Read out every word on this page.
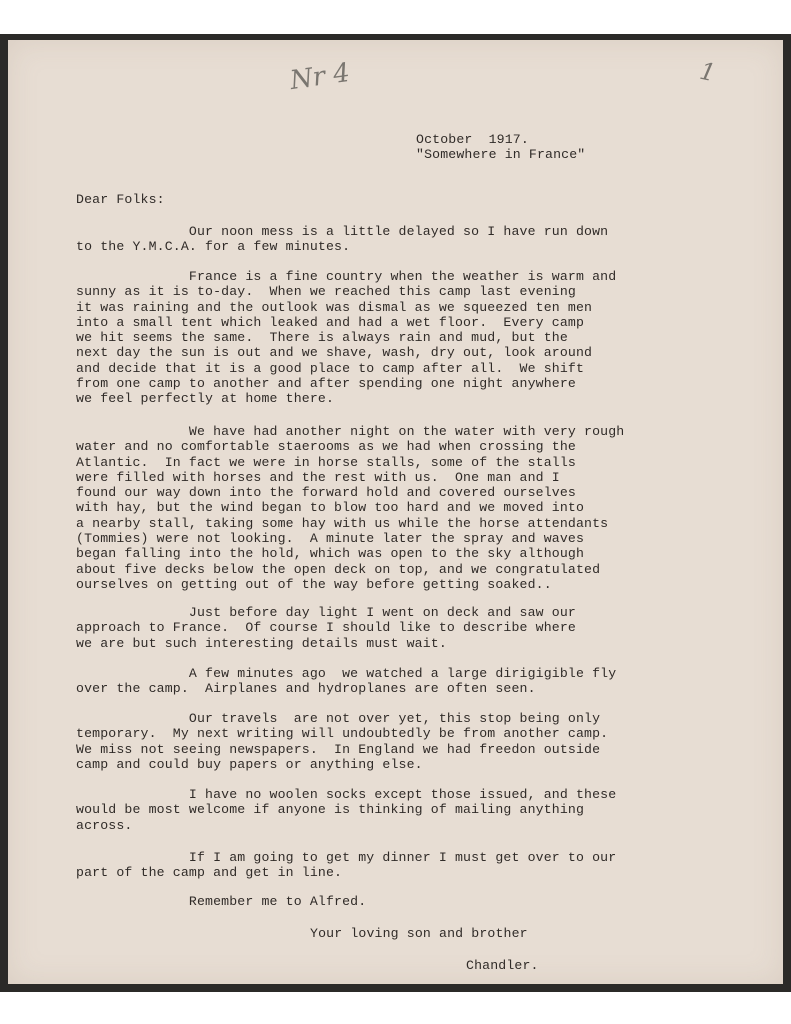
Nr 4	1
October  1917.
"Somewhere in France"
Dear Folks:
Our noon mess is a little delayed so I have run down
to the Y.M.C.A. for a few minutes.
France is a fine country when the weather is warm and
sunny as it is to-day.  When we reached this camp last evening
it was raining and the outlook was dismal as we squeezed ten men
into a small tent which leaked and had a wet floor.  Every camp
we hit seems the same.  There is always rain and mud, but the
next day the sun is out and we shave, wash, dry out, look around
and decide that it is a good place to camp after all.  We shift
from one camp to another and after spending one night anywhere
we feel perfectly at home there.
We have had another night on the water with very rough
water and no comfortable staerooms as we had when crossing the
Atlantic.  In fact we were in horse stalls, some of the stalls
were filled with horses and the rest with us.  One man and I
found our way down into the forward hold and covered ourselves
with hay, but the wind began to blow too hard and we moved into
a nearby stall, taking some hay with us while the horse attendants
(Tommies) were not looking.  A minute later the spray and waves
began falling into the hold, which was open to the sky although
about five decks below the open deck on top, and we congratulated
ourselves on getting out of the way before getting soaked..
Just before day light I went on deck and saw our
approach to France.  Of course I should like to describe where
we are but such interesting details must wait.
A few minutes ago  we watched a large dirigigible fly
over the camp.  Airplanes and hydroplanes are often seen.
Our travels  are not over yet, this stop being only
temporary.  My next writing will undoubtedly be from another camp.
We miss not seeing newspapers.  In England we had freedon outside
camp and could buy papers or anything else.
I have no woolen socks except those issued, and these
would be most welcome if anyone is thinking of mailing anything
across.
If I am going to get my dinner I must get over to our
part of the camp and get in line.
Remember me to Alfred.
Your loving son and brother
Chandler.
